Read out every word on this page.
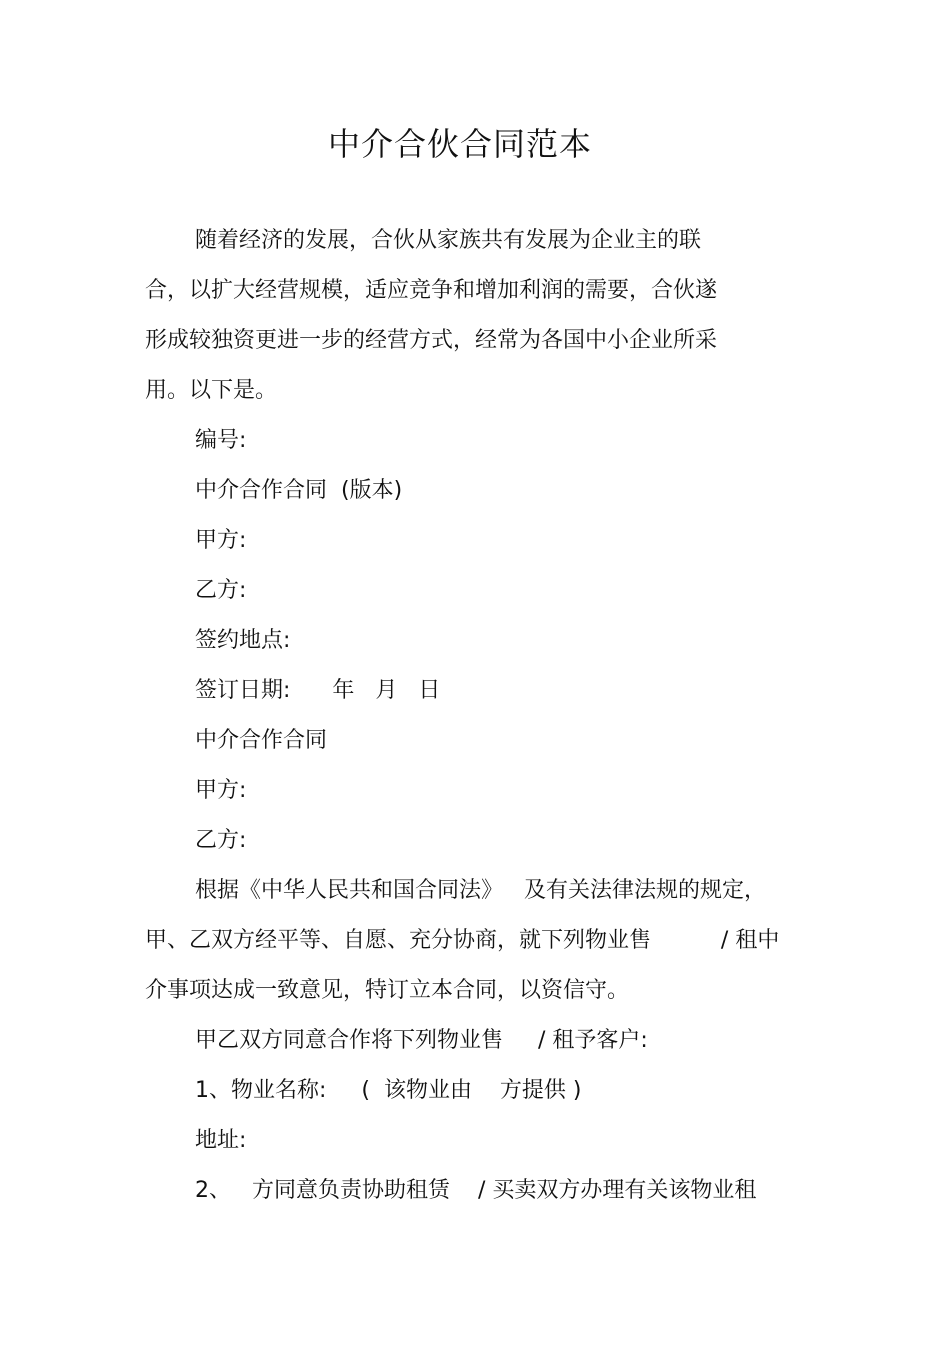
中介合伙合同范本

随着经济的发展，合伙从家族共有发展为企业主的联

合，以扩大经营规模，适应竞争和增加利润的需要，合伙遂

形成较独资更进一步的经营方式，经常为各国中小企业所采

用。以下是。

编号:

中介合作合同  (版本)

甲方:

乙方:

签约地点:

签订日期:      年   月   日

中介合作合同

甲方:

乙方:

根据《中华人民共和国合同法》   及有关法律法规的规定，

甲、乙双方经平等、自愿、充分协商，就下列物业售          / 租中

介事项达成一致意见，特订立本合同，以资信守。

甲乙双方同意合作将下列物业售     / 租予客户:

1、物业名称:     (  该物业由    方提供 )

地址:

2、   方同意负责协助租赁    / 买卖双方办理有关该物业租
